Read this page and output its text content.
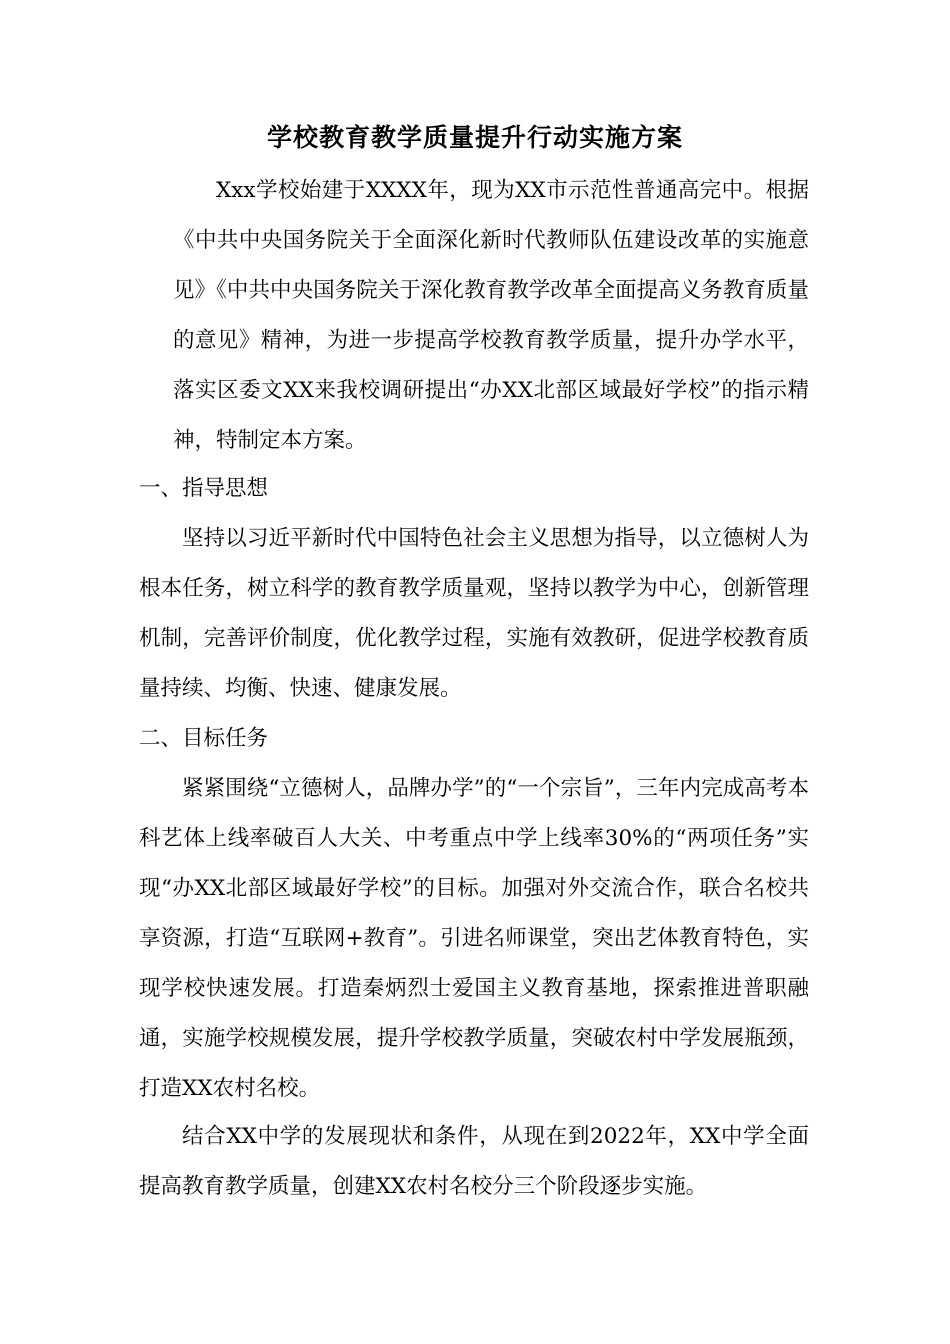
学校教育教学质量提升行动实施方案
Xxx学校始建于XXXX年，现为XX市示范性普通高完中。根据《中共中央国务院关于全面深化新时代教师队伍建设改革的实施意见》《中共中央国务院关于深化教育教学改革全面提高义务教育质量的意见》精神，为进一步提高学校教育教学质量，提升办学水平，落实区委文XX来我校调研提出“办XX北部区域最好学校”的指示精神，特制定本方案。
一、指导思想
坚持以习近平新时代中国特色社会主义思想为指导，以立德树人为根本任务，树立科学的教育教学质量观，坚持以教学为中心，创新管理机制，完善评价制度，优化教学过程，实施有效教研，促进学校教育质量持续、均衡、快速、健康发展。
二、目标任务
紧紧围绕“立德树人，品牌办学”的“一个宗旨”，三年内完成高考本科艺体上线率破百人大关、中考重点中学上线率30%的“两项任务”实现“办XX北部区域最好学校”的目标。加强对外交流合作，联合名校共享资源，打造“互联网+教育”。引进名师课堂，突出艺体教育特色，实现学校快速发展。打造秦炳烈士爱国主义教育基地，探索推进普职融通，实施学校规模发展，提升学校教学质量，突破农村中学发展瓶颈，打造XX农村名校。
结合XX中学的发展现状和条件，从现在到2022年，XX中学全面提高教育教学质量，创建XX农村名校分三个阶段逐步实施。
